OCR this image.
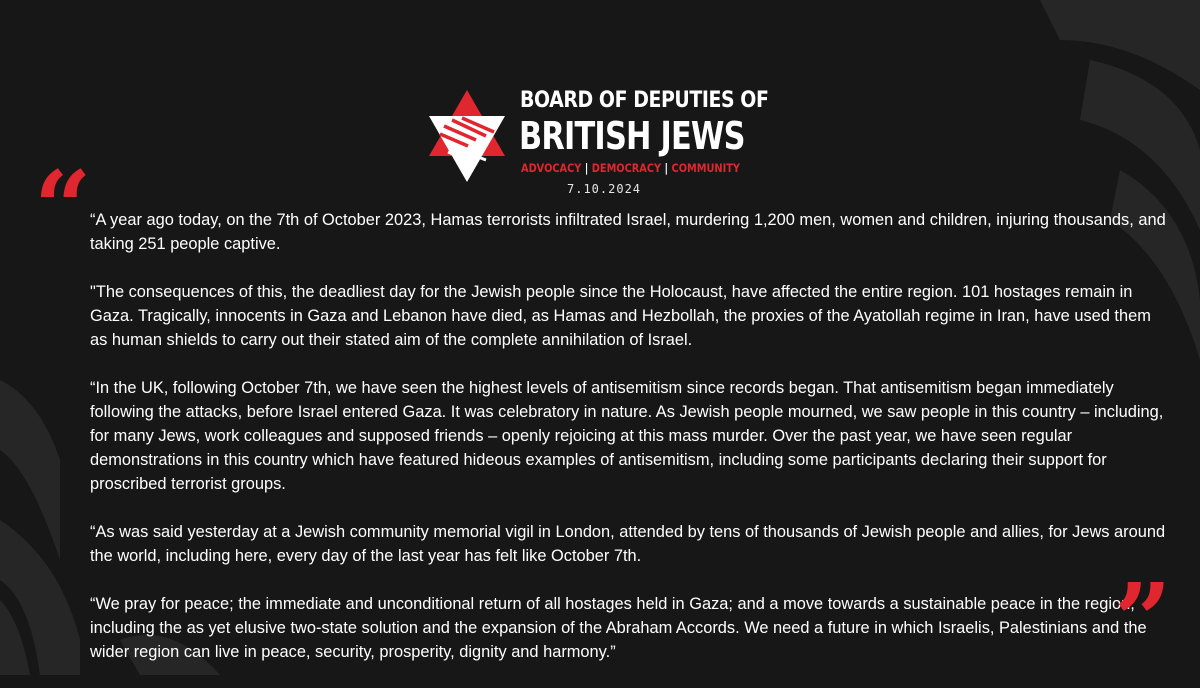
BOARD OF DEPUTIES OF
BRITISH JEWS
ADVOCACY | DEMOCRACY | COMMUNITY
7.10.2024
“

“A year ago today, on the 7th of October 2023, Hamas terrorists infiltrated Israel, murdering 1,200 men, women and children, injuring thousands, and taking 251 people captive.

"The consequences of this, the deadliest day for the Jewish people since the Holocaust, have affected the entire region. 101 hostages remain in Gaza. Tragically, innocents in Gaza and Lebanon have died, as Hamas and Hezbollah, the proxies of the Ayatollah regime in Iran, have used them as human shields to carry out their stated aim of the complete annihilation of Israel.

“In the UK, following October 7th, we have seen the highest levels of antisemitism since records began. That antisemitism began immediately following the attacks, before Israel entered Gaza. It was celebratory in nature. As Jewish people mourned, we saw people in this country – including, for many Jews, work colleagues and supposed friends – openly rejoicing at this mass murder. Over the past year, we have seen regular demonstrations in this country which have featured hideous examples of antisemitism, including some participants declaring their support for proscribed terrorist groups.

“As was said yesterday at a Jewish community memorial vigil in London, attended by tens of thousands of Jewish people and allies, for Jews around the world, including here, every day of the last year has felt like October 7th.

“We pray for peace; the immediate and unconditional return of all hostages held in Gaza; and a move towards a sustainable peace in the region, including the as yet elusive two-state solution and the expansion of the Abraham Accords. We need a future in which Israelis, Palestinians and the wider region can live in peace, security, prosperity, dignity and harmony.”	”
